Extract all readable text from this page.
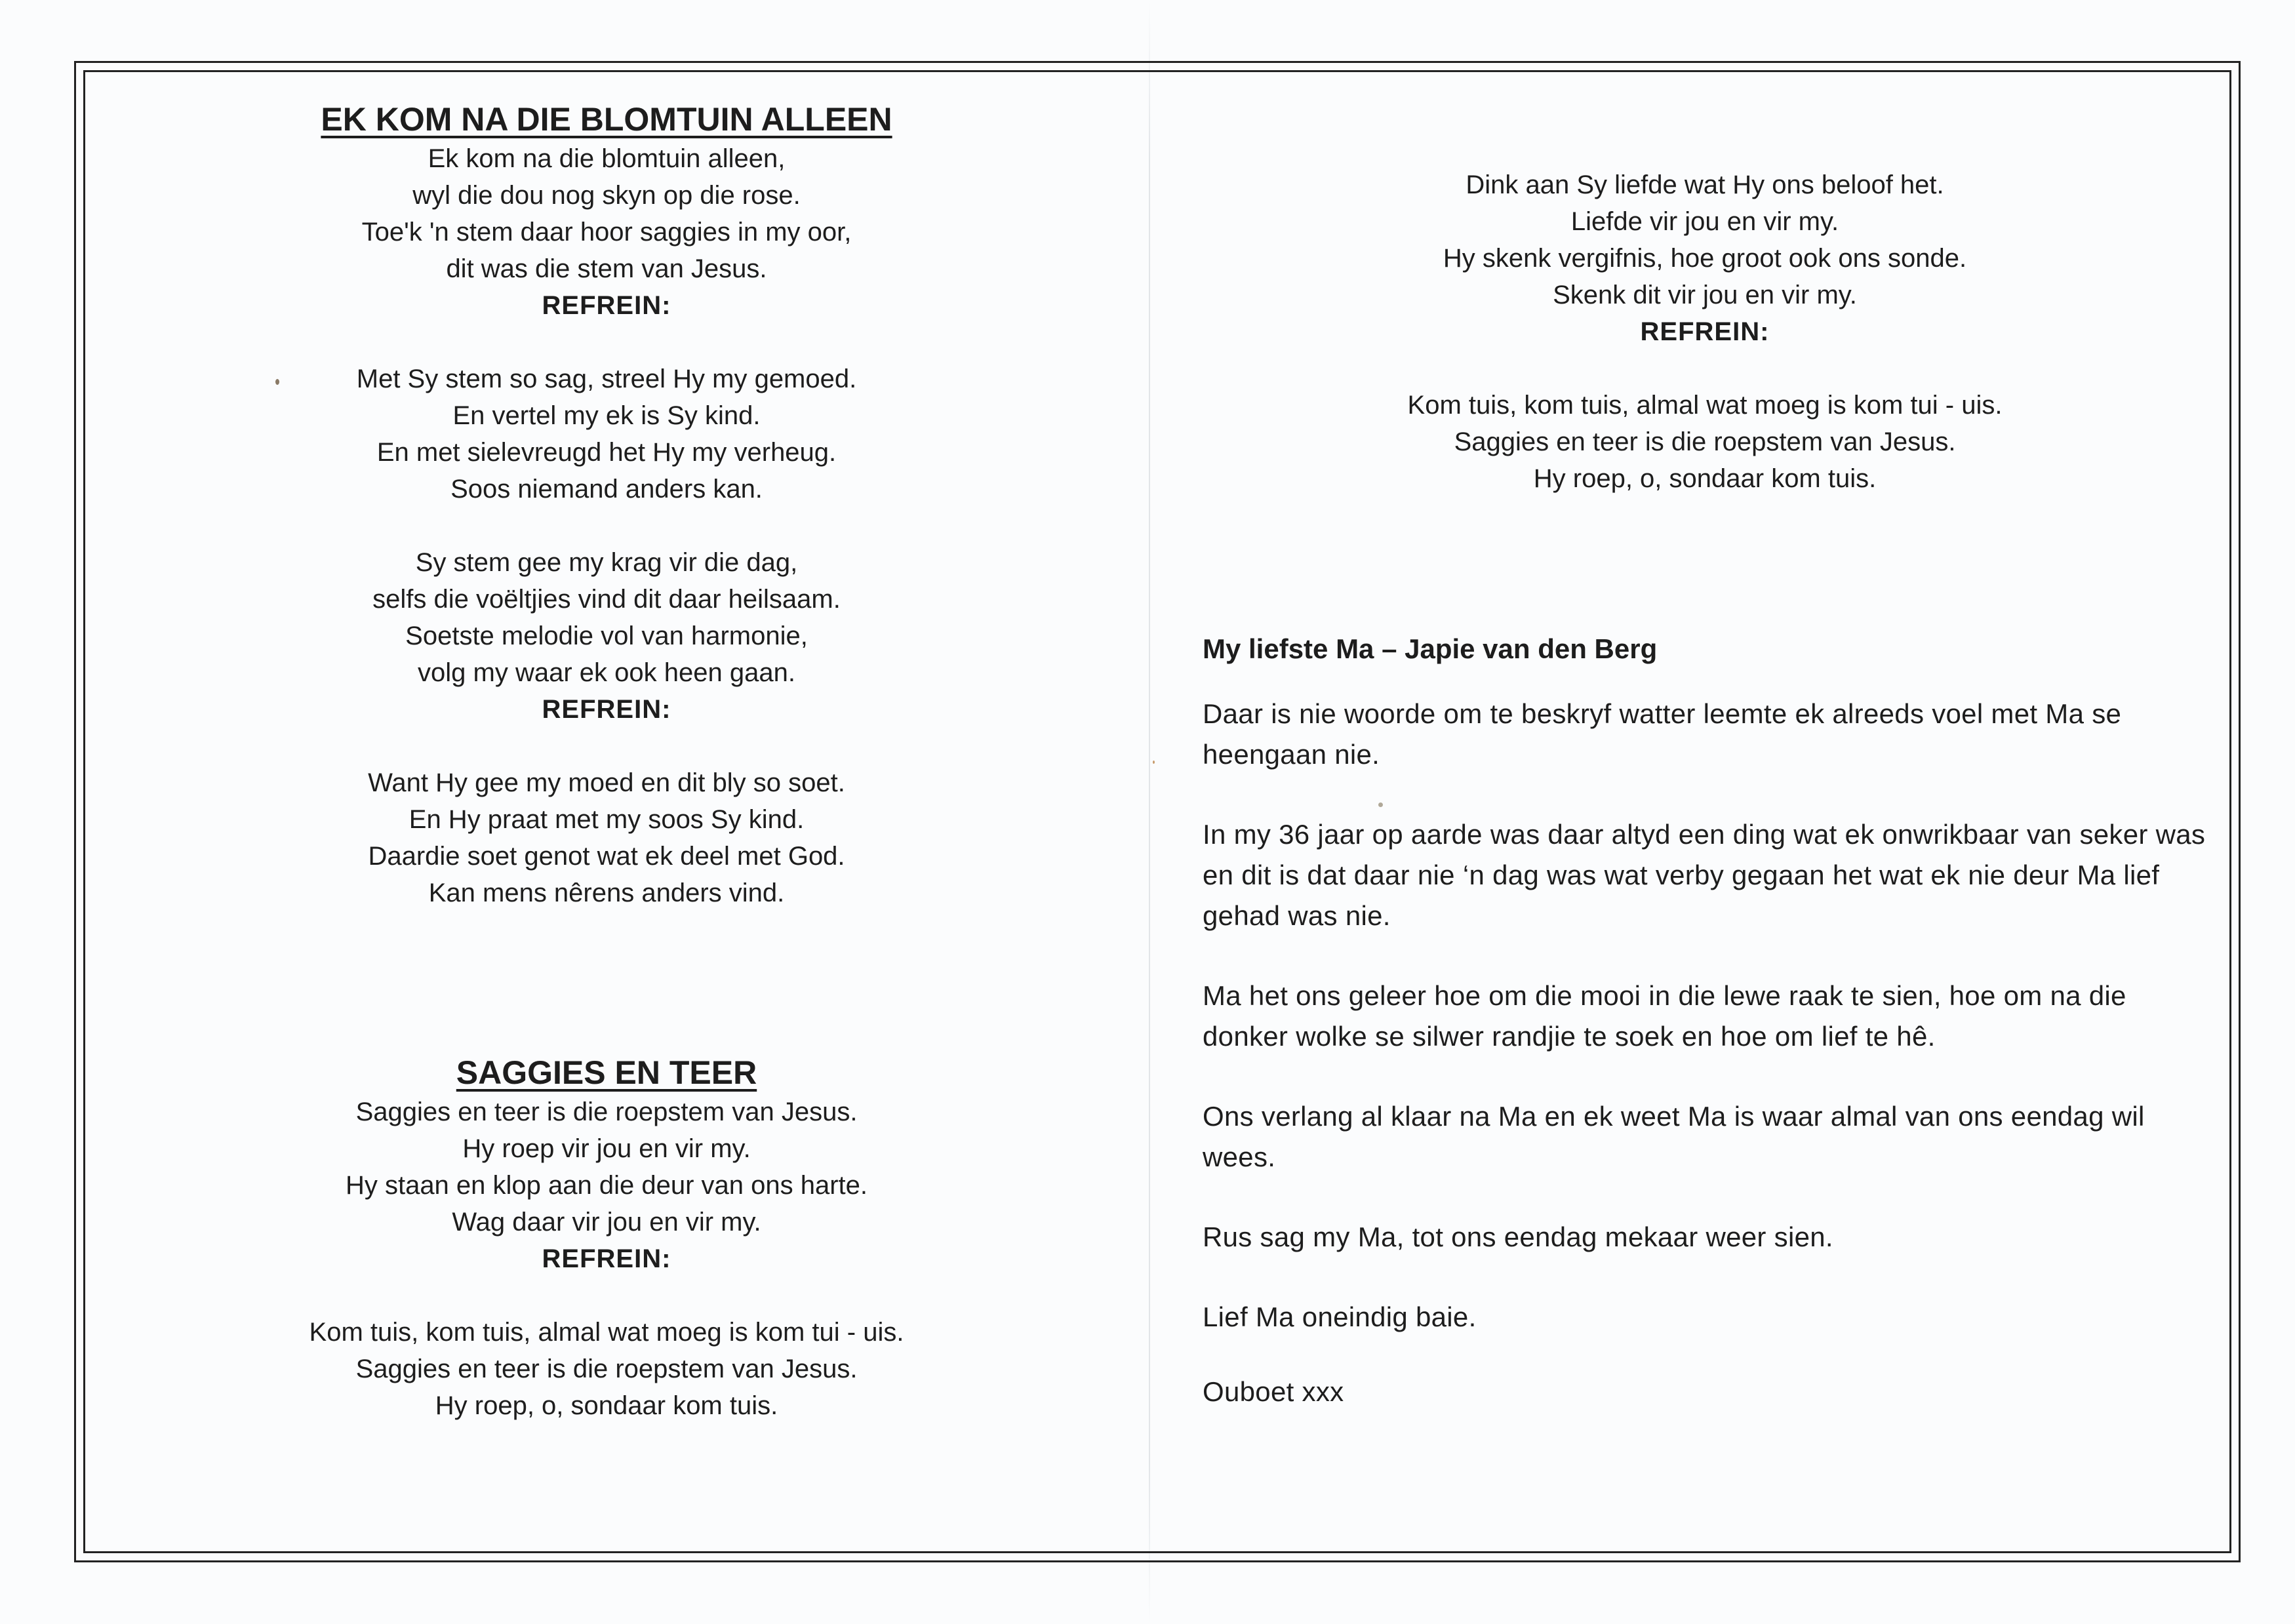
EK KOM NA DIE BLOMTUIN ALLEEN
Ek kom na die blomtuin alleen,
wyl die dou nog skyn op die rose.
Toe'k 'n stem daar hoor saggies in my oor,
dit was die stem van Jesus.
REFREIN:
Met Sy stem so sag, streel Hy my gemoed.
En vertel my ek is Sy kind.
En met sielevreugd het Hy my verheug.
Soos niemand anders kan.
Sy stem gee my krag vir die dag,
selfs die voëltjies vind dit daar heilsaam.
Soetste melodie vol van harmonie,
volg my waar ek ook heen gaan.
REFREIN:
Want Hy gee my moed en dit bly so soet.
En Hy praat met my soos Sy kind.
Daardie soet genot wat ek deel met God.
Kan mens nêrens anders vind.
SAGGIES EN TEER
Saggies en teer is die roepstem van Jesus.
Hy roep vir jou en vir my.
Hy staan en klop aan die deur van ons harte.
Wag daar vir jou en vir my.
REFREIN:
Kom tuis, kom tuis, almal wat moeg is kom tui - uis.
Saggies en teer is die roepstem van Jesus.
Hy roep, o, sondaar kom tuis.
Dink aan Sy liefde wat Hy ons beloof het.
Liefde vir jou en vir my.
Hy skenk vergifnis, hoe groot ook ons sonde.
Skenk dit vir jou en vir my.
REFREIN:
Kom tuis, kom tuis, almal wat moeg is kom tui - uis.
Saggies en teer is die roepstem van Jesus.
Hy roep, o, sondaar kom tuis.
My liefste Ma – Japie van den Berg
Daar is nie woorde om te beskryf watter leemte ek alreeds voel met Ma se heengaan nie.
In my 36 jaar op aarde was daar altyd een ding wat ek onwrikbaar van seker was en dit is dat daar nie ‘n dag was wat verby gegaan het wat ek nie deur Ma lief gehad was nie.
Ma het ons geleer hoe om die mooi in die lewe raak te sien, hoe om na die donker wolke se silwer randjie te soek en hoe om lief te hê.
Ons verlang al klaar na Ma en ek weet Ma is waar almal van ons eendag wil wees.
Rus sag my Ma, tot ons eendag mekaar weer sien.
Lief Ma oneindig baie.
Ouboet xxx
